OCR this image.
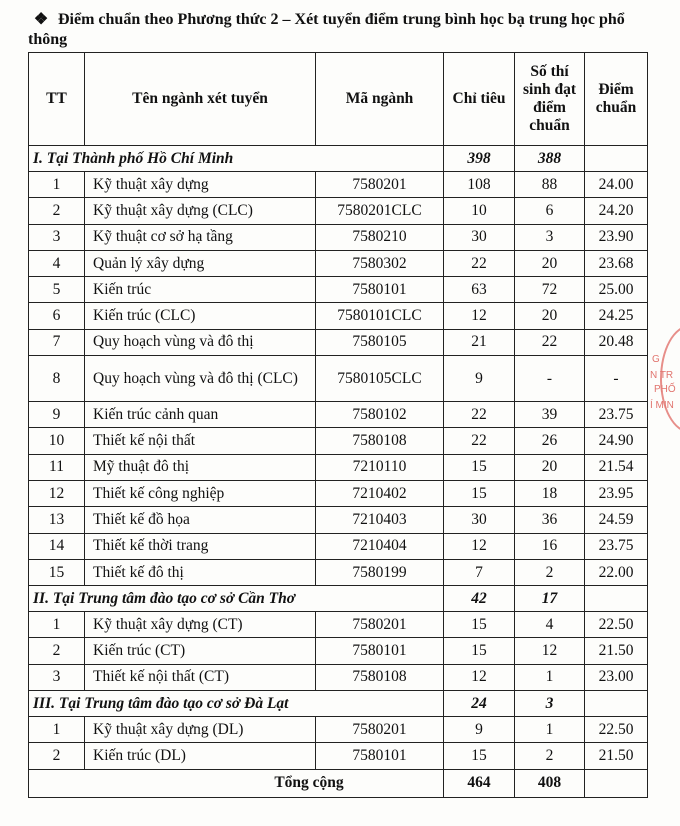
❖ Điểm chuẩn theo Phương thức 2 – Xét tuyển điểm trung bình học bạ trung học phổ thông
TT	Tên ngành xét tuyển	Mã ngành	Chỉ tiêu	Số thí sinh đạt điểm chuẩn	Điểm chuẩn
I. Tại Thành phố Hồ Chí Minh			398	388	
1	Kỹ thuật xây dựng	7580201	108	88	24.00
2	Kỹ thuật xây dựng (CLC)	7580201CLC	10	6	24.20
3	Kỹ thuật cơ sở hạ tầng	7580210	30	3	23.90
4	Quản lý xây dựng	7580302	22	20	23.68
5	Kiến trúc	7580101	63	72	25.00
6	Kiến trúc (CLC)	7580101CLC	12	20	24.25
7	Quy hoạch vùng và đô thị	7580105	21	22	20.48
8	Quy hoạch vùng và đô thị (CLC)	7580105CLC	9	-	-
9	Kiến trúc cảnh quan	7580102	22	39	23.75
10	Thiết kế nội thất	7580108	22	26	24.90
11	Mỹ thuật đô thị	7210110	15	20	21.54
12	Thiết kế công nghiệp	7210402	15	18	23.95
13	Thiết kế đồ họa	7210403	30	36	24.59
14	Thiết kế thời trang	7210404	12	16	23.75
15	Thiết kế đô thị	7580199	7	2	22.00
II. Tại Trung tâm đào tạo cơ sở Cần Thơ			42	17	
1	Kỹ thuật xây dựng (CT)	7580201	15	4	22.50
2	Kiến trúc (CT)	7580101	15	12	21.50
3	Thiết kế nội thất (CT)	7580108	12	1	23.00
III. Tại Trung tâm đào tạo cơ sở Đà Lạt			24	3	
1	Kỹ thuật xây dựng (DL)	7580201	9	1	22.50
2	Kiến trúc (DL)	7580101	15	2	21.50
Tổng cộng			464	408	
G
N TR
PHỐ
Í MIN
